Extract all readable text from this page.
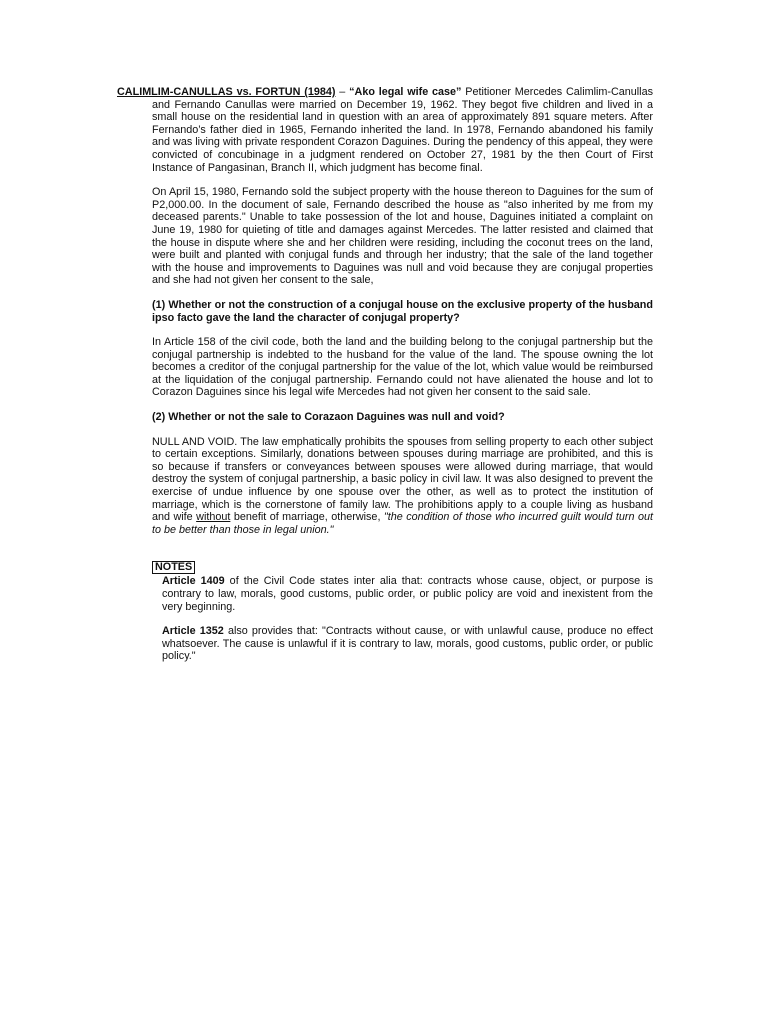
CALIMLIM-CANULLAS vs. FORTUN (1984) – “Ako legal wife case” Petitioner Mercedes Calimlim-Canullas and Fernando Canullas were married on December 19, 1962. They begot five children and lived in a small house on the residential land in question with an area of approximately 891 square meters. After Fernando’s father died in 1965, Fernando inherited the land. In 1978, Fernando abandoned his family and was living with private respondent Corazon Daguines. During the pendency of this appeal, they were convicted of concubinage in a judgment rendered on October 27, 1981 by the then Court of First Instance of Pangasinan, Branch II, which judgment has become final.

On April 15, 1980, Fernando sold the subject property with the house thereon to Daguines for the sum of P2,000.00. In the document of sale, Fernando described the house as "also inherited by me from my deceased parents." Unable to take possession of the lot and house, Daguines initiated a complaint on June 19, 1980 for quieting of title and damages against Mercedes. The latter resisted and claimed that the house in dispute where she and her children were residing, including the coconut trees on the land, were built and planted with conjugal funds and through her industry; that the sale of the land together with the house and improvements to Daguines was null and void because they are conjugal properties and she had not given her consent to the sale,

(1) Whether or not the construction of a conjugal house on the exclusive property of the husband ipso facto gave the land the character of conjugal property?

In Article 158 of the civil code, both the land and the building belong to the conjugal partnership but the conjugal partnership is indebted to the husband for the value of the land. The spouse owning the lot becomes a creditor of the conjugal partnership for the value of the lot, which value would be reimbursed at the liquidation of the conjugal partnership. Fernando could not have alienated the house and lot to Corazon Daguines since his legal wife Mercedes had not given her consent to the said sale.

(2) Whether or not the sale to Corazaon Daguines was null and void?

NULL AND VOID. The law emphatically prohibits the spouses from selling property to each other subject to certain exceptions. Similarly, donations between spouses during marriage are prohibited, and this is so because if transfers or conveyances between spouses were allowed during marriage, that would destroy the system of conjugal partnership, a basic policy in civil law. It was also designed to prevent the exercise of undue influence by one spouse over the other, as well as to protect the institution of marriage, which is the cornerstone of family law. The prohibitions apply to a couple living as husband and wife without benefit of marriage, otherwise, "the condition of those who incurred guilt would turn out to be better than those in legal union."

NOTES

Article 1409 of the Civil Code states inter alia that: contracts whose cause, object, or purpose is contrary to law, morals, good customs, public order, or public policy are void and inexistent from the very beginning.

Article 1352 also provides that: "Contracts without cause, or with unlawful cause, produce no effect whatsoever. The cause is unlawful if it is contrary to law, morals, good customs, public order, or public policy."
